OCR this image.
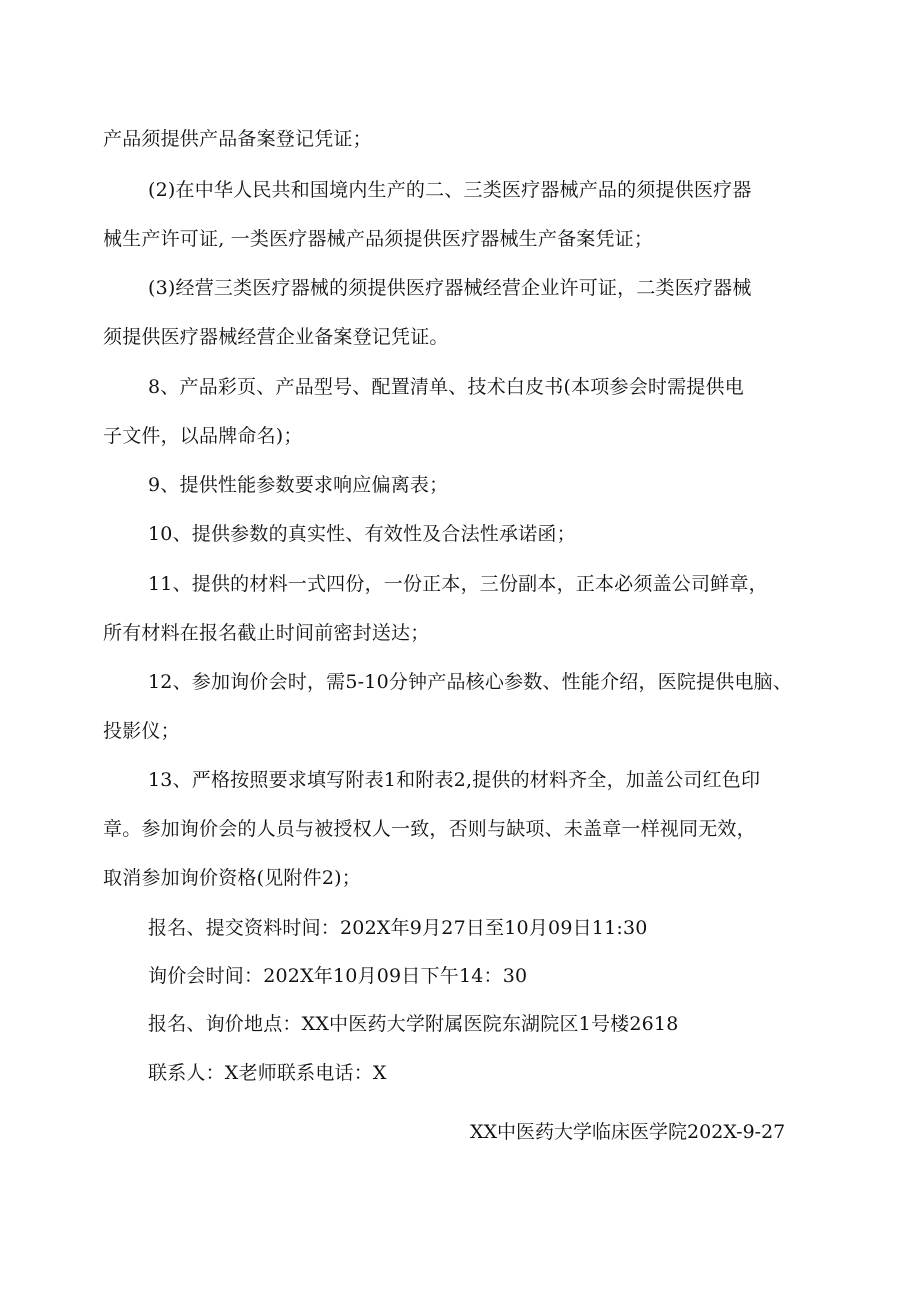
产品须提供产品备案登记凭证；
(2)在中华人民共和国境内生产的二、三类医疗器械产品的须提供医疗器
械生产许可证, 一类医疗器械产品须提供医疗器械生产备案凭证；
(3)经营三类医疗器械的须提供医疗器械经营企业许可证，二类医疗器械
须提供医疗器械经营企业备案登记凭证。
8、产品彩页、产品型号、配置清单、技术白皮书(本项参会时需提供电
子文件，以品牌命名)；
9、提供性能参数要求响应偏离表；
10、提供参数的真实性、有效性及合法性承诺函；
11、提供的材料一式四份，一份正本，三份副本，正本必须盖公司鲜章，
所有材料在报名截止时间前密封送达；
12、参加询价会时，需5-10分钟产品核心参数、性能介绍，医院提供电脑、
投影仪；
13、严格按照要求填写附表1和附表2,提供的材料齐全，加盖公司红色印
章。参加询价会的人员与被授权人一致，否则与缺项、未盖章一样视同无效，
取消参加询价资格(见附件2)；
报名、提交资料时间：202X年9月27日至10月09日11:30
询价会时间：202X年10月09日下午14：30
报名、询价地点：XX中医药大学附属医院东湖院区1号楼2618
联系人：X老师联系电话：X
XX中医药大学临床医学院202X-9-27
